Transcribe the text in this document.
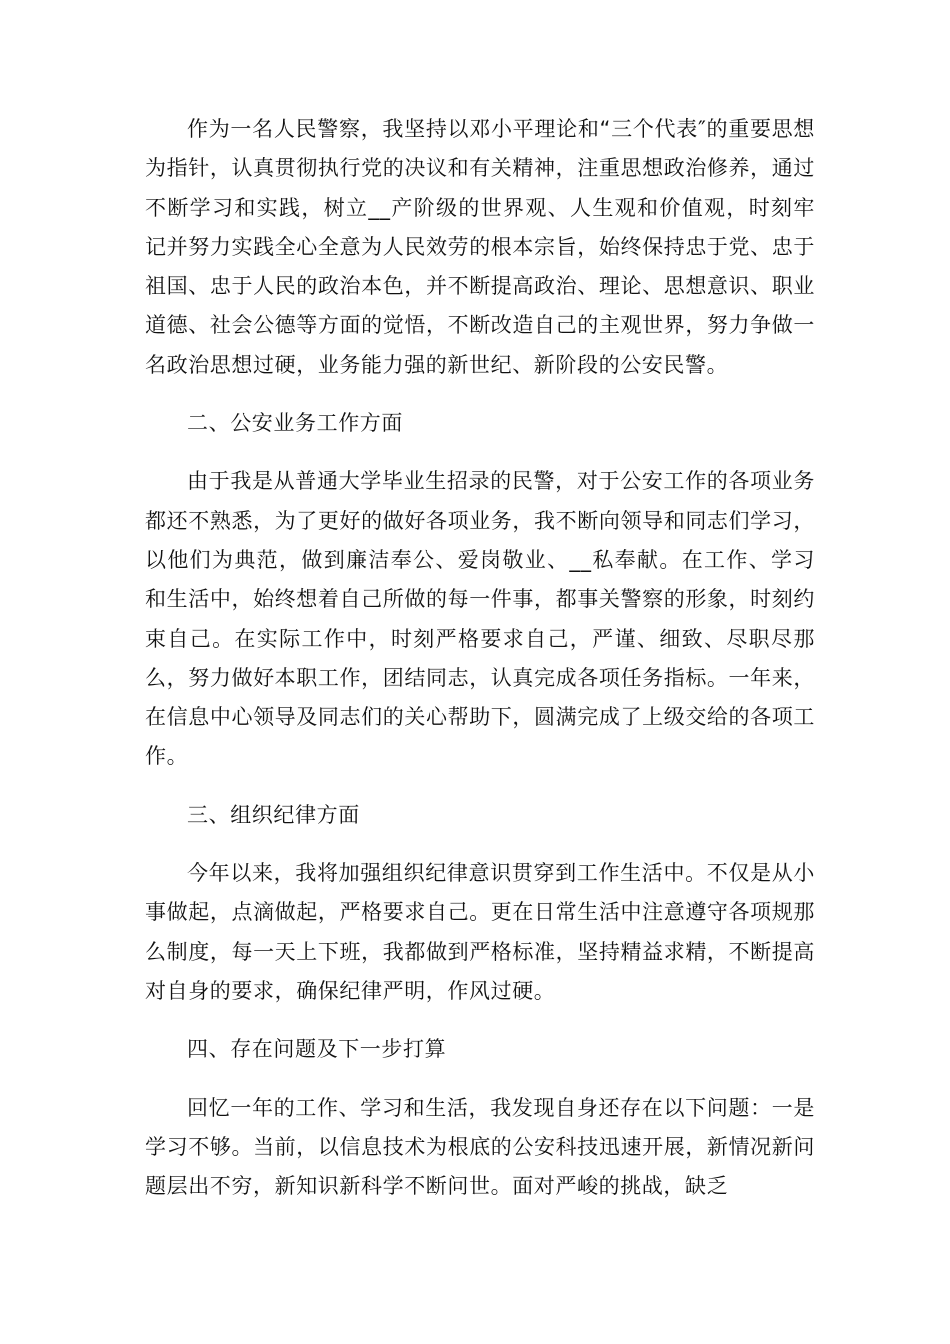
作为一名人民警察，我坚持以邓小平理论和“三个代表″的重要思想为指针，认真贯彻执行党的决议和有关精神，注重思想政治修养，通过不断学习和实践，树立__产阶级的世界观、人生观和价值观，时刻牢记并努力实践全心全意为人民效劳的根本宗旨，始终保持忠于党、忠于祖国、忠于人民的政治本色，并不断提高政治、理论、思想意识、职业道德、社会公德等方面的觉悟，不断改造自己的主观世界，努力争做一名政治思想过硬，业务能力强的新世纪、新阶段的公安民警。

二、公安业务工作方面

由于我是从普通大学毕业生招录的民警，对于公安工作的各项业务都还不熟悉，为了更好的做好各项业务，我不断向领导和同志们学习，以他们为典范，做到廉洁奉公、爱岗敬业、__私奉献。在工作、学习和生活中，始终想着自己所做的每一件事，都事关警察的形象，时刻约束自己。在实际工作中，时刻严格要求自己，严谨、细致、尽职尽那么，努力做好本职工作，团结同志，认真完成各项任务指标。一年来，在信息中心领导及同志们的关心帮助下，圆满完成了上级交给的各项工作。

三、组织纪律方面

今年以来，我将加强组织纪律意识贯穿到工作生活中。不仅是从小事做起，点滴做起，严格要求自己。更在日常生活中注意遵守各项规那么制度，每一天上下班，我都做到严格标准，坚持精益求精，不断提高对自身的要求，确保纪律严明，作风过硬。

四、存在问题及下一步打算

回忆一年的工作、学习和生活，我发现自身还存在以下问题：一是学习不够。当前，以信息技术为根底的公安科技迅速开展，新情况新问题层出不穷，新知识新科学不断问世。面对严峻的挑战，缺乏
